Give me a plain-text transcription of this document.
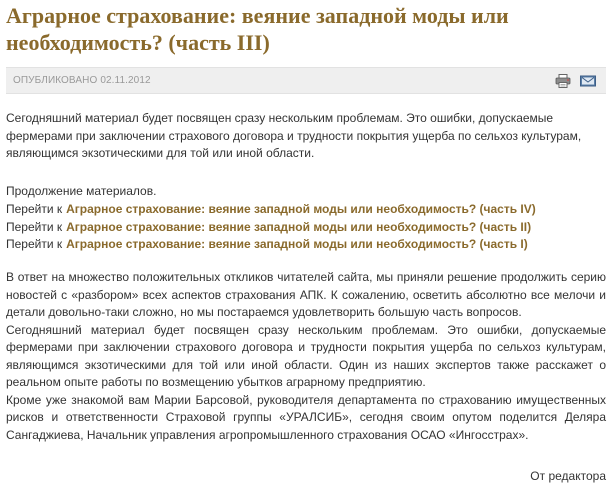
Аграрное страхование: веяние западной моды или необходимость? (часть III)
ОПУБЛИКОВАНО 02.11.2012

Сегодняшний материал будет посвящен сразу нескольким проблемам. Это ошибки, допускаемые фермерами при заключении страхового договора и трудности покрытия ущерба по сельхоз культурам, являющимся экзотическими для той или иной области.

Продолжение материалов.
Перейти к Аграрное страхование: веяние западной моды или необходимость? (часть IV)
Перейти к Аграрное страхование: веяние западной моды или необходимость? (часть II)
Перейти к Аграрное страхование: веяние западной моды или необходимость? (часть I)
В ответ на множество положительных откликов читателей сайта, мы приняли решение продолжить серию новостей с «разбором» всех аспектов страхования АПК. К сожалению, осветить абсолютно все мелочи и детали довольно-таки сложно, но мы постараемся удовлетворить большую часть вопросов.
Сегодняшний материал будет посвящен сразу нескольким проблемам. Это ошибки, допускаемые фермерами при заключении страхового договора и трудности покрытия ущерба по сельхоз культурам, являющимся экзотическими для той или иной области. Один из наших экспертов также расскажет о реальном опыте работы по возмещению убытков аграрному предприятию.
Кроме уже знакомой вам Марии Барсовой, руководителя департамента по страхованию имущественных рисков и ответственности Страховой группы «УРАЛСИБ», сегодня своим опутом поделится Деляра Сангаджиева, Начальник управления агропромышленного страхования ОСАО «Ингосстрах».
От редактора
